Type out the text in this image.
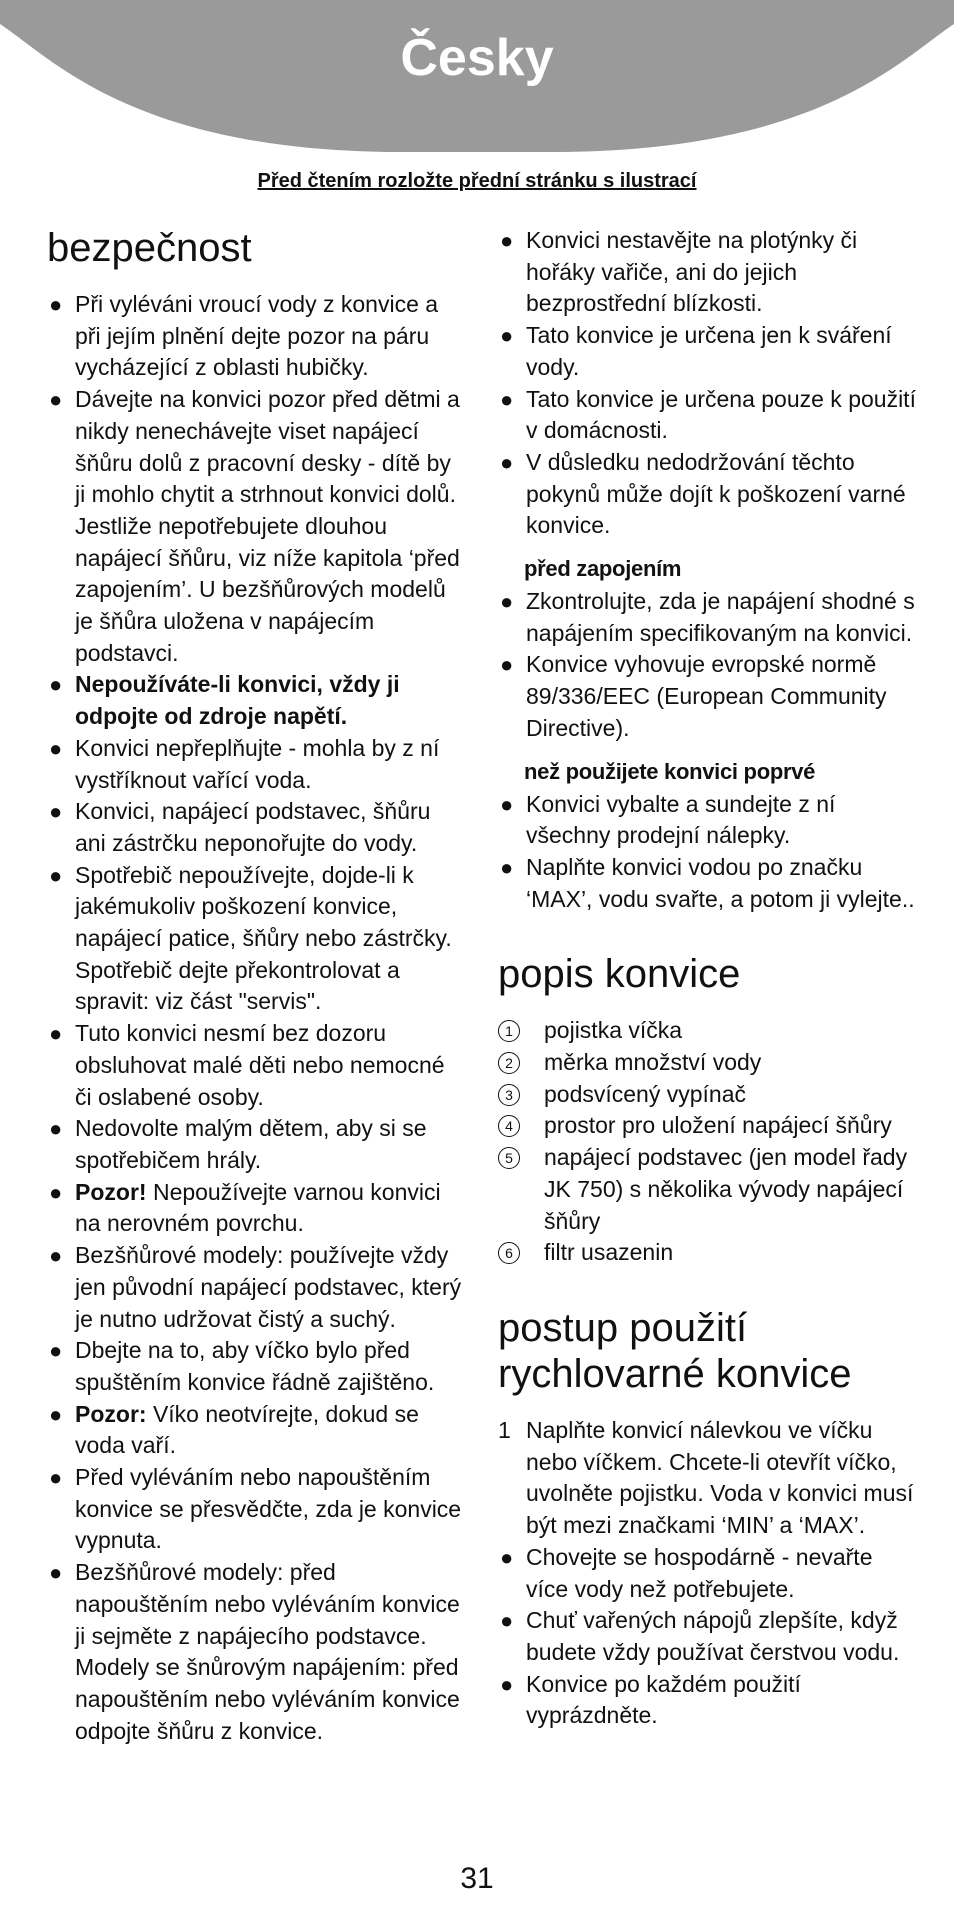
Česky
Před čtením rozložte přední stránku s ilustrací
bezpečnost
● Při vyléváni vroucí vody z konvice a při jejím plnění dejte pozor na páru vycházející z oblasti hubičky.
● Dávejte na konvici pozor před dětmi a nikdy nenechávejte viset napájecí šňůru dolů z pracovní desky - dítě by ji mohlo chytit a strhnout konvici dolů. Jestliže nepotřebujete dlouhou napájecí šňůru, viz níže kapitola ‘před zapojením’. U bezšňůrových modelů je šňůra uložena v napájecím podstavci.
● Nepoužíváte-li konvici, vždy ji odpojte od zdroje napětí.
● Konvici nepřeplňujte - mohla by z ní vystříknout vařící voda.
● Konvici, napájecí podstavec, šňůru ani zástrčku neponořujte do vody.
● Spotřebič nepoužívejte, dojde-li k jakémukoliv poškození konvice, napájecí patice, šňůry nebo zástrčky. Spotřebič dejte překontrolovat a spravit: viz část "servis".
● Tuto konvici nesmí bez dozoru obsluhovat malé děti nebo nemocné či oslabené osoby.
● Nedovolte malým dětem, aby si se spotřebičem hrály.
● Pozor! Nepoužívejte varnou konvici na nerovném povrchu.
● Bezšňůrové modely: používejte vždy jen původní napájecí podstavec, který je nutno udržovat čistý a suchý.
● Dbejte na to, aby víčko bylo před spuštěním konvice řádně zajištěno.
● Pozor: Víko neotvírejte, dokud se voda vaří.
● Před vyléváním nebo napouštěním konvice se přesvědčte, zda je konvice vypnuta.
● Bezšňůrové modely: před napouštěním nebo vyléváním konvice ji sejměte z napájecího podstavce. Modely se šnůrovým napájením: před napouštěním nebo vyléváním konvice odpojte šňůru z konvice.
● Konvici nestavějte na plotýnky či hořáky vařiče, ani do jejich bezprostřední blízkosti.
● Tato konvice je určena jen k sváření vody.
● Tato konvice je určena pouze k použití v domácnosti.
● V důsledku nedodržování těchto pokynů může dojít k poškození varné konvice.
před zapojením
● Zkontrolujte, zda je napájení shodné s napájením specifikovaným na konvici.
● Konvice vyhovuje evropské normě 89/336/EEC (European Community Directive).
než použijete konvici poprvé
● Konvici vybalte a sundejte z ní všechny prodejní nálepky.
● Naplňte konvici vodou po značku ‘MAX’, vodu svařte, a potom ji vylejte..
popis konvice
1	pojistka víčka
2	měrka množství vody
3	podsvícený vypínač
4	prostor pro uložení napájecí šňůry
5	napájecí podstavec (jen model řady JK 750) s několika vývody napájecí šňůry
6	filtr usazenin
postup použití
rychlovarné konvice
1 Naplňte konvicí nálevkou ve víčku nebo víčkem. Chcete-li otevřít víčko, uvolněte pojistku. Voda v konvici musí být mezi značkami ‘MIN’ a ‘MAX’.
● Chovejte se hospodárně - nevařte více vody než potřebujete.
● Chuť vařených nápojů zlepšíte, když budete vždy používat čerstvou vodu.
● Konvice po každém použití vyprázdněte.
31
